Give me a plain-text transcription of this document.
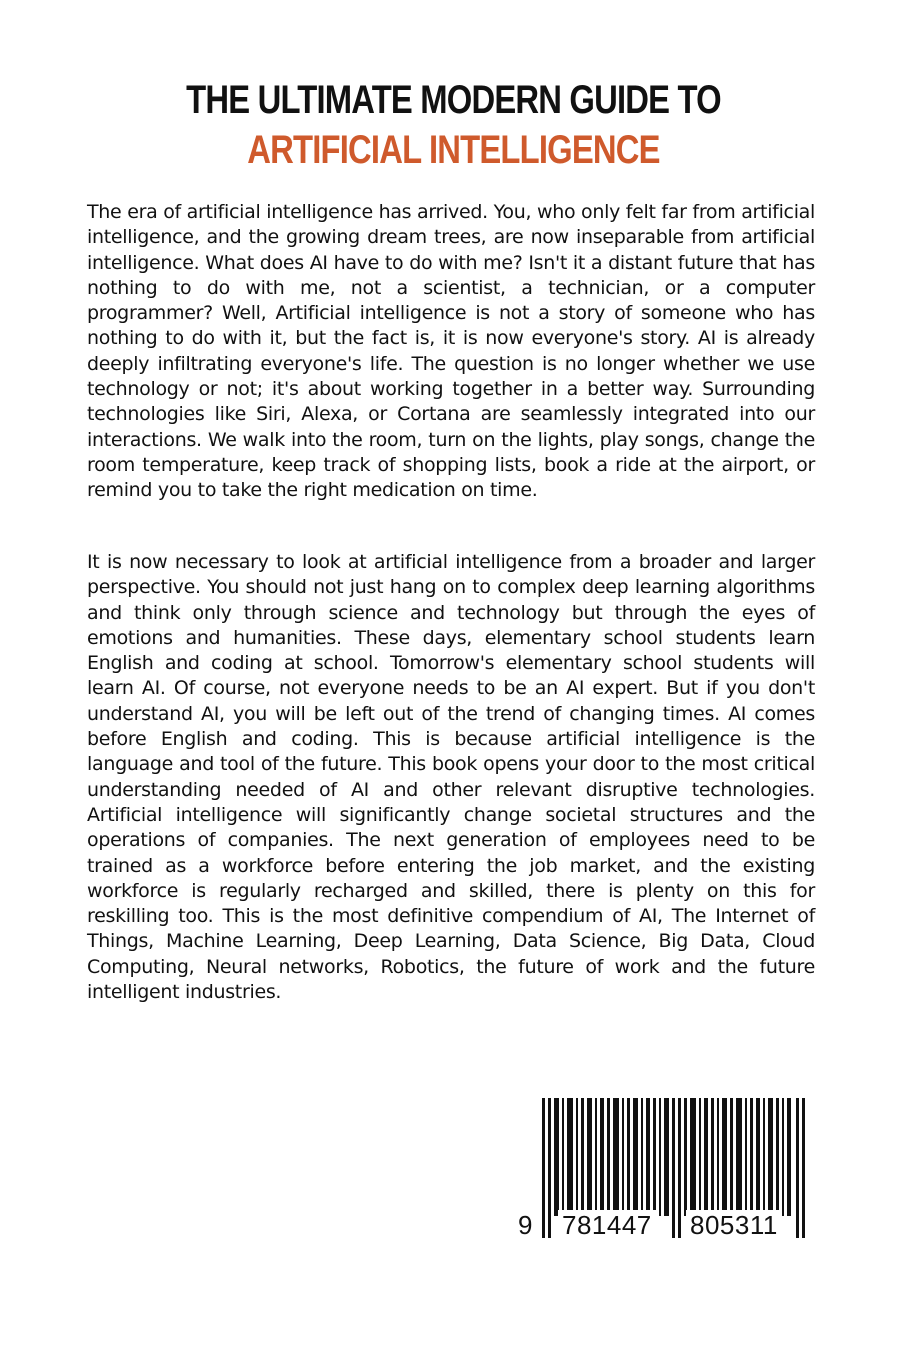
THE ULTIMATE MODERN GUIDE TO
ARTIFICIAL INTELLIGENCE

The era of artificial intelligence has arrived. You, who only felt far from artificial intelligence, and the growing dream trees, are now inseparable from artificial intelligence. What does AI have to do with me? Isn't it a distant future that has nothing to do with me, not a scientist, a technician, or a computer programmer? Well, Artificial intelligence is not a story of someone who has nothing to do with it, but the fact is, it is now everyone's story. AI is already deeply infiltrating everyone's life. The question is no longer whether we use technology or not; it's about working together in a better way. Surrounding technologies like Siri, Alexa, or Cortana are seamlessly integrated into our interactions. We walk into the room, turn on the lights, play songs, change the room temperature, keep track of shopping lists, book a ride at the airport, or remind you to take the right medication on time.

It is now necessary to look at artificial intelligence from a broader and larger perspective. You should not just hang on to complex deep learning algorithms and think only through science and technology but through the eyes of emotions and humanities. These days, elementary school students learn English and coding at school. Tomorrow's elementary school students will learn AI. Of course, not everyone needs to be an AI expert. But if you don't understand AI, you will be left out of the trend of changing times. AI comes before English and coding. This is because artificial intelligence is the language and tool of the future. This book opens your door to the most critical understanding needed of AI and other relevant disruptive technologies. Artificial intelligence will significantly change societal structures and the operations of companies. The next generation of employees need to be trained as a workforce before entering the job market, and the existing workforce is regularly recharged and skilled, there is plenty on this for reskilling too. This is the most definitive compendium of AI, The Internet of Things, Machine Learning, Deep Learning, Data Science, Big Data, Cloud Computing, Neural networks, Robotics, the future of work and the future intelligent industries.

9 781447 805311
